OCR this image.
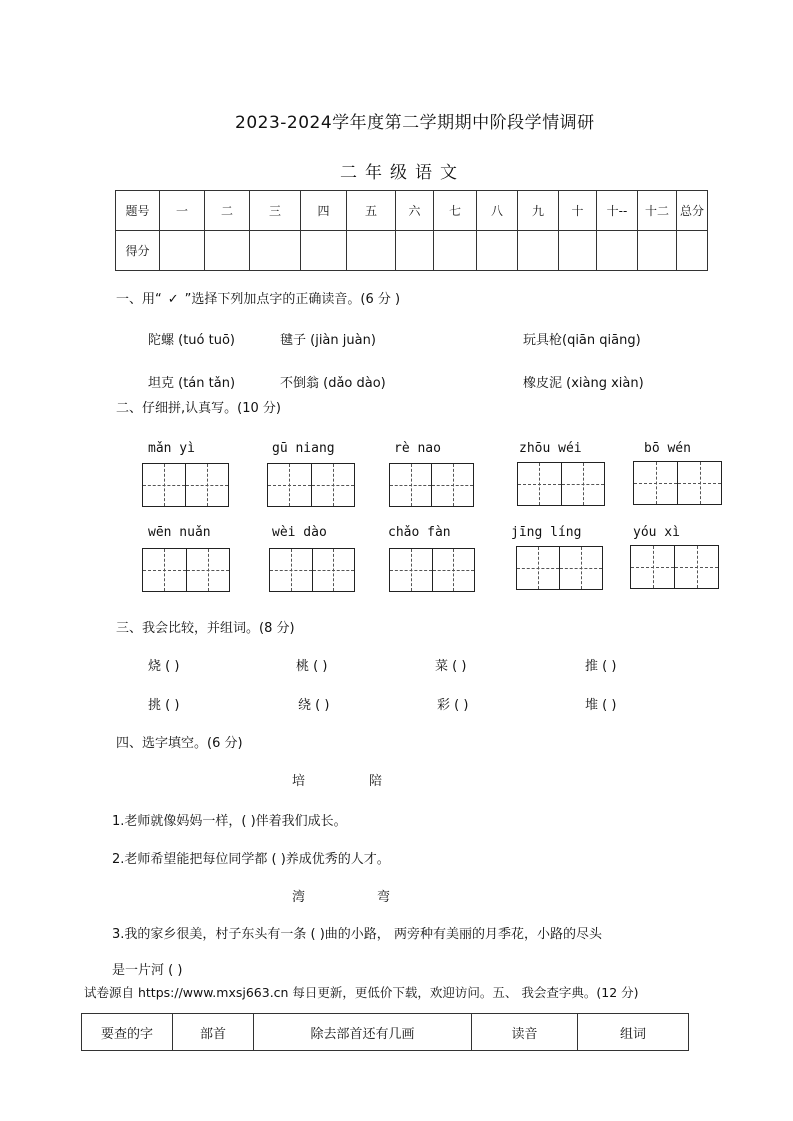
2023-2024学年度第二学期期中阶段学情调研
二年级语文
题号	一	二	三	四	五	六	七	八	九	十	十--	十二	总分
得分													
一、用“ ✓ ”选择下列加点字的正确读音。(6 分 )
陀螺 (tuó tuō)	毽子 (jiàn juàn)	玩具枪(qiān qiāng)
坦克 (tán tǎn)	不倒翁 (dǎo dào)	橡皮泥 (xiàng xiàn)
二、仔细拼,认真写。(10 分)
mǎn yì	gū niang	rè nao	zhōu wéi	bō wén
wēn nuǎn	wèi dào	chǎo fàn	jīng líng	yóu xì
三、我会比较，并组词。(8 分)
烧 ( )	桃 ( )	菜 ( )	推 ( )
挑 ( )	绕 ( )	彩 ( )	堆 ( )
四、选字填空。(6 分)
培	陪
1.老师就像妈妈一样，( )伴着我们成长。
2.老师希望能把每位同学都 ( )养成优秀的人才。
湾	弯
3.我的家乡很美，村子东头有一条 ( )曲的小路， 两旁种有美丽的月季花，小路的尽头
是一片河 ( )
试卷源自 https://www.mxsj663.cn 每日更新，更低价下载，欢迎访问。五、 我会查字典。(12 分)
要查的字	部首	除去部首还有几画	读音	组词
